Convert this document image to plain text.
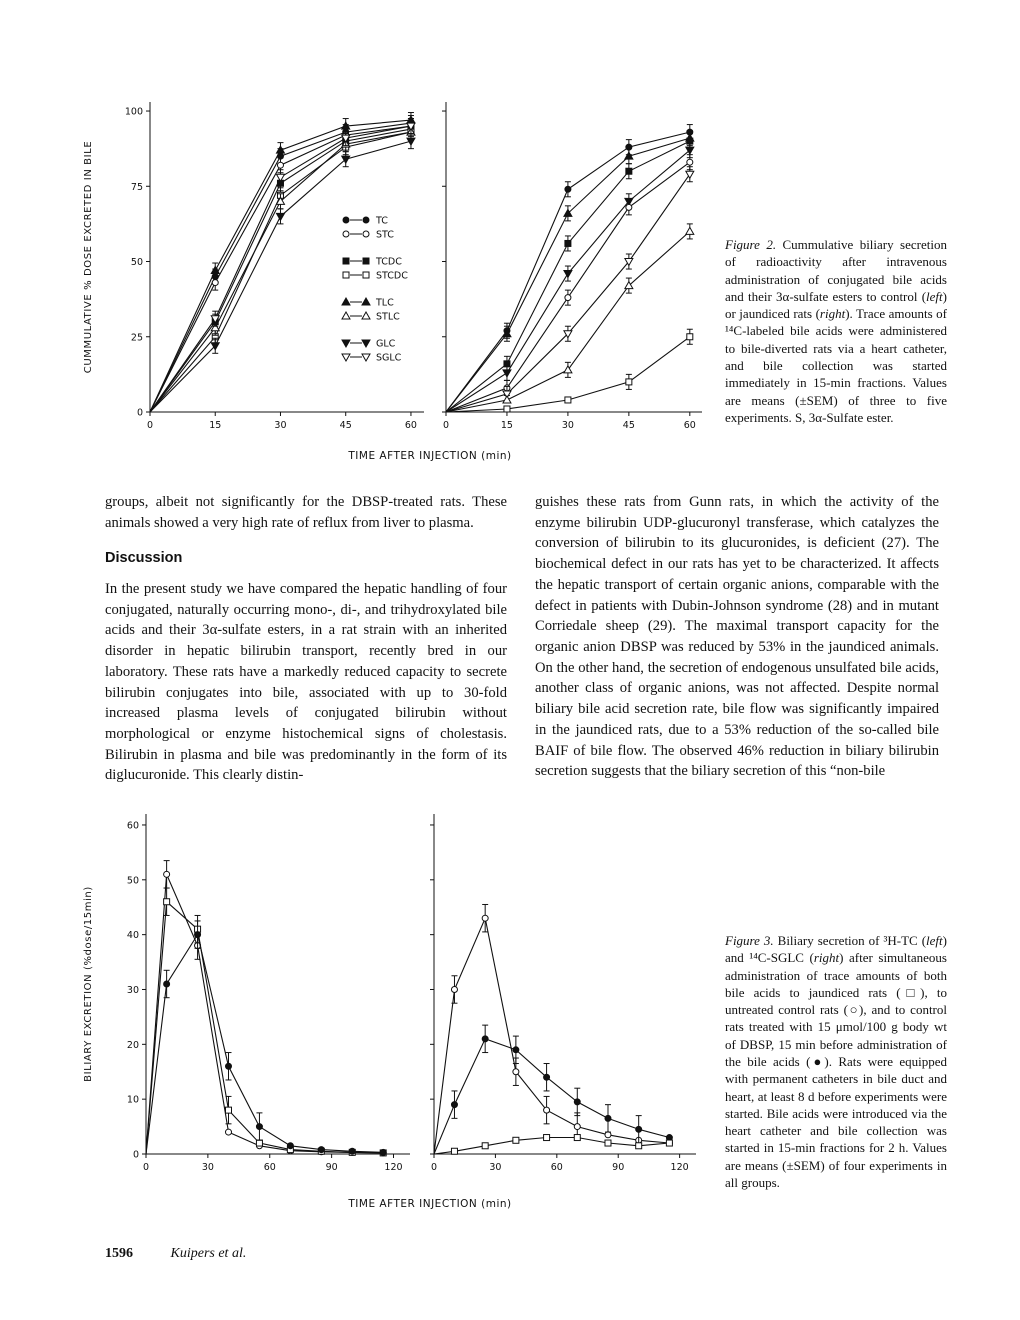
0
25
50
75
100
0	15	30	45	60
CUMMULATIVE % DOSE EXCRETED IN BILE	TC
STC
TCDC
STCDC
TLC
STLC
GLC
SGLC
0	15	30	45	60
TIME AFTER INJECTION (min)
Figure 2. Cummulative biliary secretion of radioactivity after intravenous administration of conjugated bile acids and their 3α-sulfate esters to control (left) or jaundiced rats (right). Trace amounts of ¹⁴C-labeled bile acids were administered to bile-diverted rats via a heart catheter, and bile collection was started immediately in 15-min fractions. Values are means (±SEM) of three to five experiments. S, 3α-Sulfate ester.

groups, albeit not significantly for the DBSP-treated rats. These animals showed a very high rate of reflux from liver to plasma.

Discussion

In the present study we have compared the hepatic handling of four conjugated, naturally occurring mono-, di-, and trihydroxylated bile acids and their 3α-sulfate esters, in a rat strain with an inherited disorder in hepatic bilirubin transport, recently bred in our laboratory. These rats have a markedly reduced capacity to secrete bilirubin conjugates into bile, associated with up to 30-fold increased plasma levels of conjugated bilirubin without morphological or enzyme histochemical signs of cholestasis. Bilirubin in plasma and bile was predominantly in the form of its diglucuronide. This clearly distin-

guishes these rats from Gunn rats, in which the activity of the enzyme bilirubin UDP-glucuronyl transferase, which catalyzes the conversion of bilirubin to its glucuronides, is deficient (27). The biochemical defect in our rats has yet to be characterized. It affects the hepatic transport of certain organic anions, comparable with the defect in patients with Dubin-Johnson syndrome (28) and in mutant Corriedale sheep (29). The maximal transport capacity for the organic anion DBSP was reduced by 53% in the jaundiced animals. On the other hand, the secretion of endogenous unsulfated bile acids, another class of organic anions, was not affected. Despite normal biliary bile acid secretion rate, bile flow was significantly impaired in the jaundiced rats, due to a 53% reduction of the so-called bile BAIF of bile flow. The observed 46% reduction in biliary bilirubin secretion suggests that the biliary secretion of this “non-bile

0
10
20
30
40
50
60
0	30	60	90	120
BILIARY EXCRETION (%dose/15min)
0	30	60	90	120
TIME AFTER INJECTION (min)
Figure 3. Biliary secretion of ³H-TC (left) and ¹⁴C-SGLC (right) after simultaneous administration of trace amounts of both bile acids to jaundiced rats (□), to untreated control rats (○), and to control rats treated with 15 μmol/100 g body wt of DBSP, 15 min before administration of the bile acids (●). Rats were equipped with permanent catheters in bile duct and heart, at least 8 d before experiments were started. Bile acids were introduced via the heart catheter and bile collection was started in 15-min fractions for 2 h. Values are means (±SEM) of four experiments in all groups.
1596	Kuipers et al.
